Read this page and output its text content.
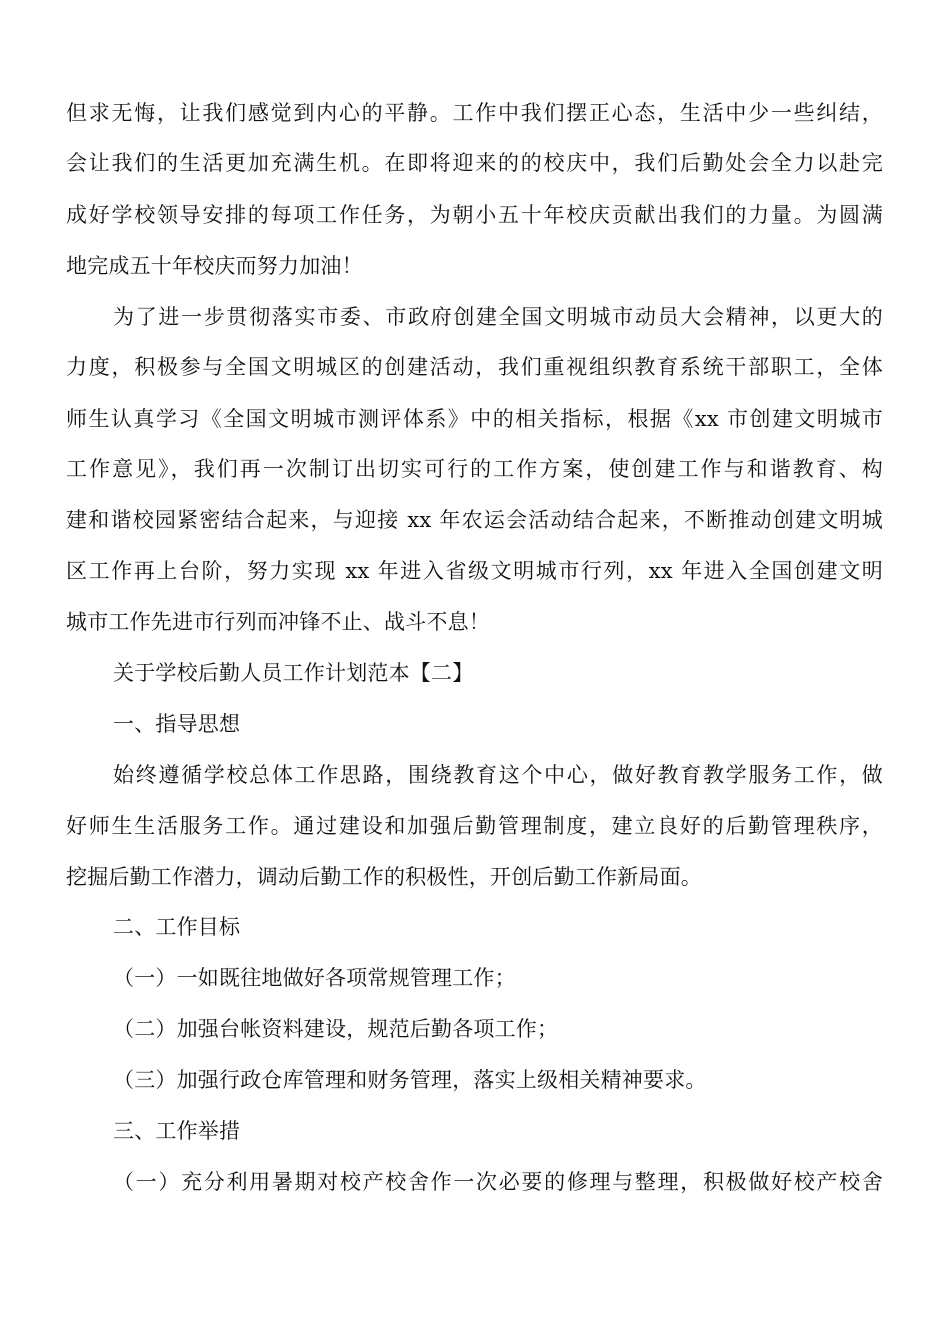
但求无悔，让我们感觉到内心的平静。工作中我们摆正心态，生活中少一些纠结，
会让我们的生活更加充满生机。在即将迎来的的校庆中，我们后勤处会全力以赴完
成好学校领导安排的每项工作任务，为朝小五十年校庆贡献出我们的力量。为圆满
地完成五十年校庆而努力加油！
为了进一步贯彻落实市委、市政府创建全国文明城市动员大会精神，以更大的
力度，积极参与全国文明城区的创建活动，我们重视组织教育系统干部职工，全体
师生认真学习《全国文明城市测评体系》中的相关指标，根据《xx 市创建文明城市
工作意见》，我们再一次制订出切实可行的工作方案，使创建工作与和谐教育、构
建和谐校园紧密结合起来，与迎接 xx 年农运会活动结合起来，不断推动创建文明城
区工作再上台阶，努力实现 xx 年进入省级文明城市行列，xx 年进入全国创建文明
城市工作先进市行列而冲锋不止、战斗不息！
关于学校后勤人员工作计划范本【二】
一、指导思想
始终遵循学校总体工作思路，围绕教育这个中心，做好教育教学服务工作，做
好师生生活服务工作。通过建设和加强后勤管理制度，建立良好的后勤管理秩序，
挖掘后勤工作潜力，调动后勤工作的积极性，开创后勤工作新局面。
二、工作目标
（一）一如既往地做好各项常规管理工作；
（二）加强台帐资料建设，规范后勤各项工作；
（三）加强行政仓库管理和财务管理，落实上级相关精神要求。
三、工作举措
（一）充分利用暑期对校产校舍作一次必要的修理与整理，积极做好校产校舍
